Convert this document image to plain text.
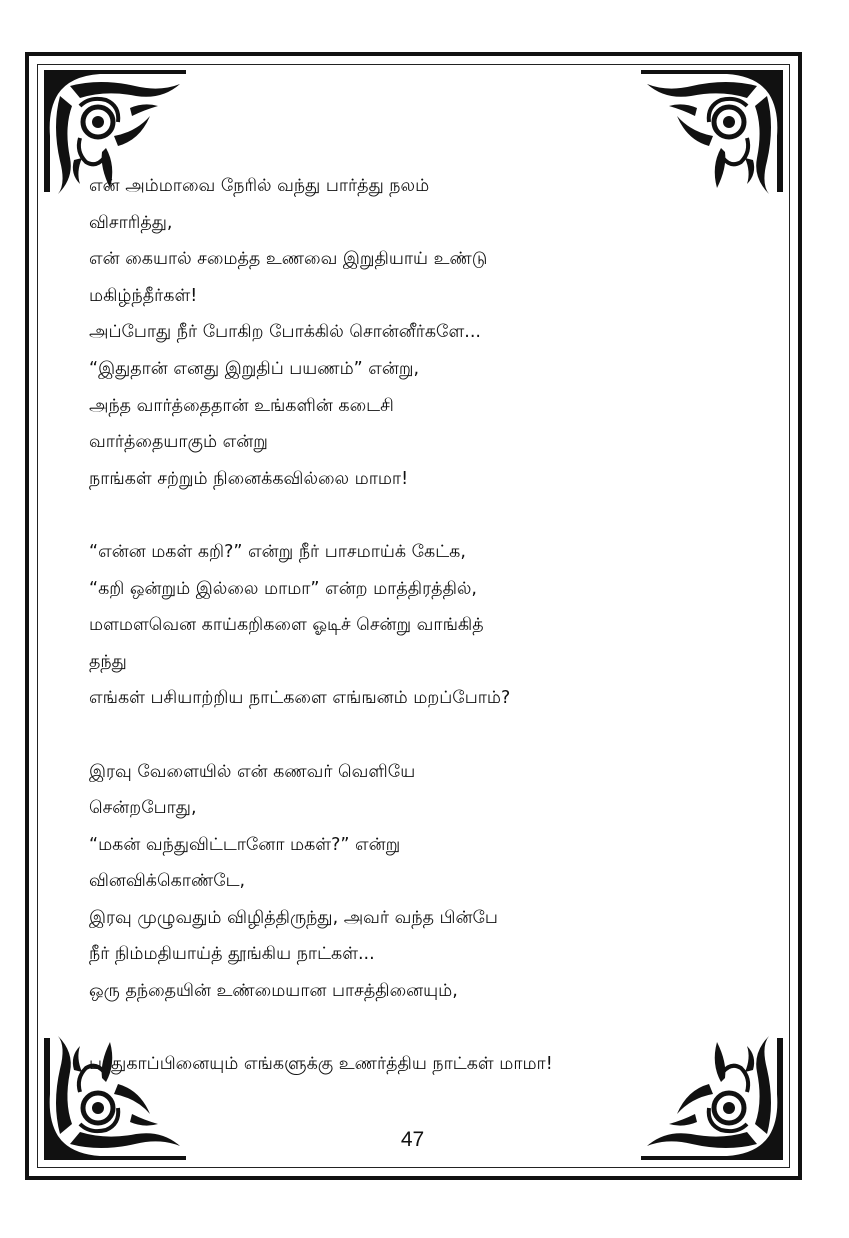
என் அம்மாவை நேரில் வந்து பார்த்து நலம்
விசாரித்து,
என் கையால் சமைத்த உணவை இறுதியாய் உண்டு
மகிழ்ந்தீர்கள்!
அப்போது நீர் போகிற போக்கில் சொன்னீர்களே...
“இதுதான் எனது இறுதிப் பயணம்” என்று,
அந்த வார்த்தைதான் உங்களின் கடைசி
வார்த்தையாகும் என்று
நாங்கள் சற்றும் நினைக்கவில்லை மாமா!
“என்ன மகள் கறி?” என்று நீர் பாசமாய்க் கேட்க,
“கறி ஒன்றும் இல்லை மாமா” என்ற மாத்திரத்தில்,
மளமளவென காய்கறிகளை ஓடிச் சென்று வாங்கித்
தந்து
எங்கள் பசியாற்றிய நாட்களை எங்ஙனம் மறப்போம்?
இரவு வேளையில் என் கணவர் வெளியே
சென்றபோது,
“மகன் வந்துவிட்டானோ மகள்?” என்று
வினவிக்கொண்டே,
இரவு முழுவதும் விழித்திருந்து, அவர் வந்த பின்பே
நீர் நிம்மதியாய்த் தூங்கிய நாட்கள்...
ஒரு தந்தையின் உண்மையான பாசத்தினையும்,
பாதுகாப்பினையும் எங்களுக்கு உணர்த்திய நாட்கள் மாமா!
47
